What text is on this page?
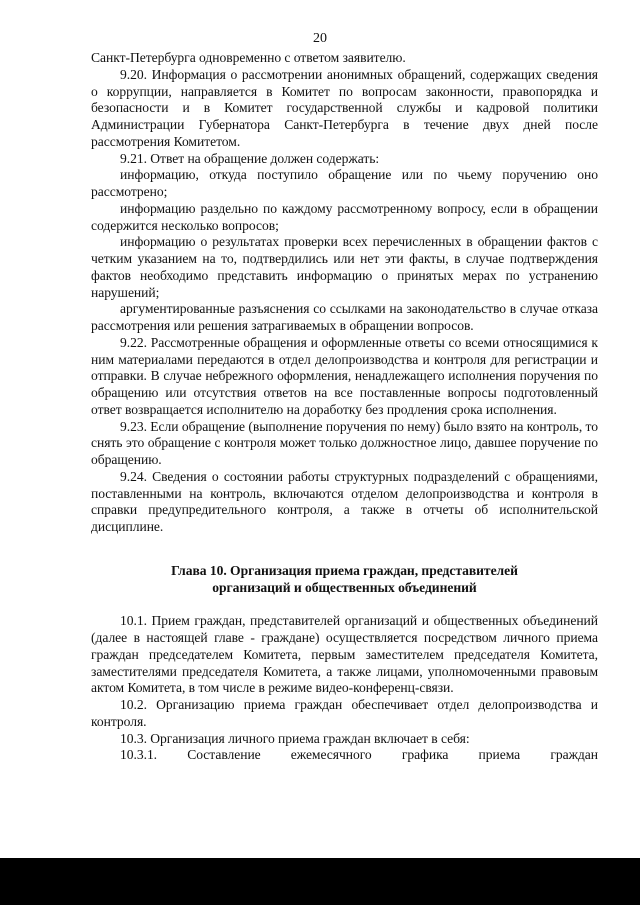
20

Санкт-Петербурга одновременно с ответом заявителю.

9.20. Информация о рассмотрении анонимных обращений, содержащих сведения о коррупции, направляется в Комитет по вопросам законности, правопорядка и безопасности и в Комитет государственной службы и кадровой политики Администрации Губернатора Санкт-Петербурга в течение двух дней после рассмотрения Комитетом.

9.21. Ответ на обращение должен содержать:

информацию, откуда поступило обращение или по чьему поручению оно рассмотрено;

информацию раздельно по каждому рассмотренному вопросу, если в обращении содержится несколько вопросов;

информацию о результатах проверки всех перечисленных в обращении фактов с четким указанием на то, подтвердились или нет эти факты, в случае подтверждения фактов необходимо представить информацию о принятых мерах по устранению нарушений;

аргументированные разъяснения со ссылками на законодательство в случае отказа рассмотрения или решения затрагиваемых в обращении вопросов.

9.22. Рассмотренные обращения и оформленные ответы со всеми относящимися к ним материалами передаются в отдел делопроизводства и контроля для регистрации и отправки. В случае небрежного оформления, ненадлежащего исполнения поручения по обращению или отсутствия ответов на все поставленные вопросы подготовленный ответ возвращается исполнителю на доработку без продления срока исполнения.

9.23. Если обращение (выполнение поручения по нему) было взято на контроль, то снять это обращение с контроля может только должностное лицо, давшее поручение по обращению.

9.24. Сведения о состоянии работы структурных подразделений с обращениями, поставленными на контроль, включаются отделом делопроизводства и контроля в справки предупредительного контроля, а также в отчеты об исполнительской дисциплине.

Глава 10. Организация приема граждан, представителей
организаций и общественных объединений

10.1. Прием граждан, представителей организаций и общественных объединений (далее в настоящей главе - граждане) осуществляется посредством личного приема граждан председателем Комитета, первым заместителем председателя Комитета, заместителями председателя Комитета, а также лицами, уполномоченными правовым актом Комитета, в том числе в режиме видео-конференц-связи.

10.2. Организацию приема граждан обеспечивает отдел делопроизводства и контроля.

10.3. Организация личного приема граждан включает в себя:

10.3.1. Составление ежемесячного графика приема граждан
